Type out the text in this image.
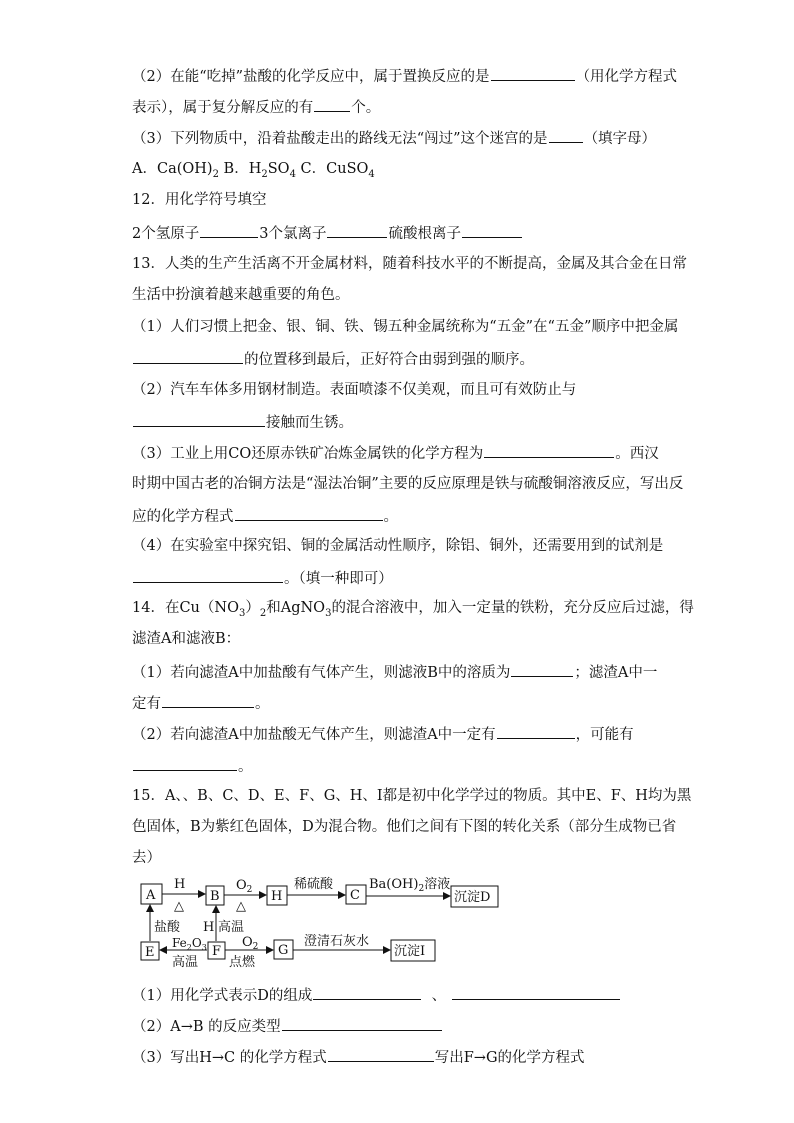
（2）在能“吃掉”盐酸的化学反应中，属于置换反应的是	（用化学方程式
表示），属于复分解反应的有	个。
（3）下列物质中，沿着盐酸走出的路线无法“闯过”这个迷宫的是 （填字母）
A．$Ca(OH)_2$ B．$H_2SO_4$ C．CuSO$_4$
12．用化学符号填空
2个氢原子	3个氯离子	硫酸根离子
13．人类的生产生活离不开金属材料，随着科技水平的不断提高，金属及其合金在日常
生活中扮演着越来越重要的角色。
（1）人们习惯上把金、银、铜、铁、锡五种金属统称为“五金”在“五金”顺序中把金属
的位置移到最后，正好符合由弱到强的顺序。
（2）汽车车体多用钢材制造。表面喷漆不仅美观，而且可有效防止与
接触而生锈。
（3）工业上用CO还原赤铁矿冶炼金属铁的化学方程为	。西汉
时期中国古老的冶铜方法是“湿法冶铜”主要的反应原理是铁与硫酸铜溶液反应，写出反
应的化学方程式	。
（4）在实验室中探究铝、铜的金属活动性顺序，除铝、铜外，还需要用到的试剂是
。（填一种即可）
14．在$Cu(NO_3)_2$和AgNO$_3$的混合溶液中，加入一定量的铁粉，充分反应后过滤，得
滤渣A和滤液B：
（1）若向滤渣A中加盐酸有气体产生，则滤液B中的溶质为	；滤渣A中一
定有	。
（2）若向滤渣A中加盐酸无气体产生，则滤渣A中一定有	，可能有
。
15．A、、B、C、D、E、F、G、H、I都是初中化学学过的物质。其中E、F、H均为黑
色固体，B为紫红色固体，D为混合物。他们之间有下图的转化关系（部分生成物已省
去）
A	B	H	C	沉淀D
E	F	G	沉淀I
H
△
$O_2$
△
稀硫酸	$Ba(OH)_2$溶液
H 高温
盐酸
$Fe_2O_3$
高温
$O_2$
点燃
澄清石灰水
（1）用化学式表示D的组成	、
（2）A→B 的反应类型
（3）写出H→C 的化学方程式	写出F→G的化学方程式
